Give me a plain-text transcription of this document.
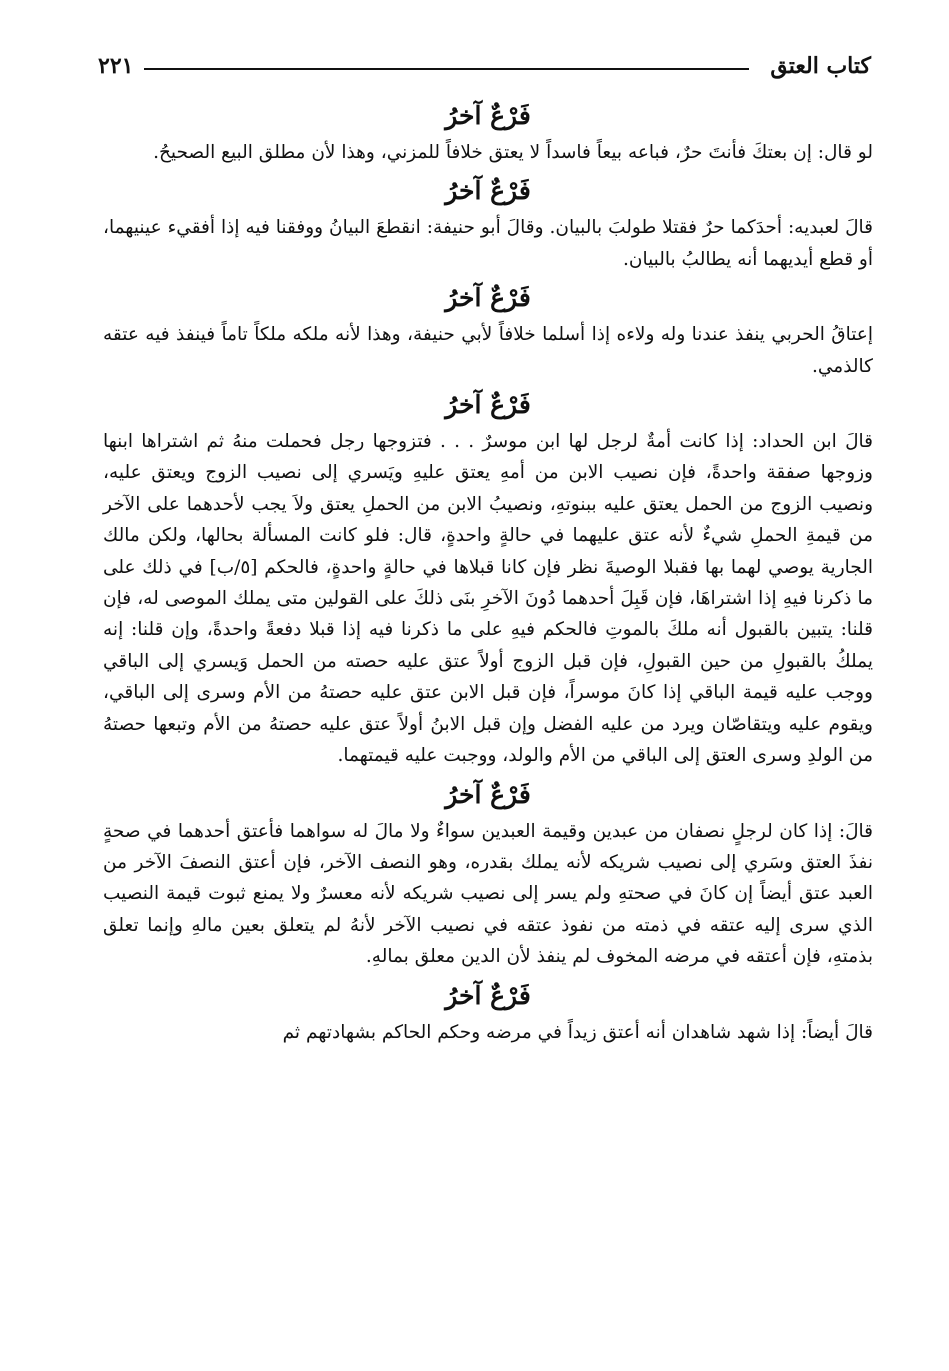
كتاب العتق
٢٢١
فَرْعٌ آخرُ

لو قال: إن بعتكَ فأنتَ حرٌ، فباعه بيعاً فاسداً لا يعتق خلافاً للمزني، وهذا لأن مطلق البيع الصحيحُ.

فَرْعٌ آخرُ

قالَ لعبديه: أحدَكما حرٌ فقتلا طولبَ بالبيان. وقالَ أبو حنيفة: انقطعَ البيانُ ووفقنا فيه إذا أفقيء عينيهما، أو قطع أيديهما أنه يطالبُ بالبيان.

فَرْعٌ آخرُ

إعتاقُ الحربي ينفذ عندنا وله ولاءه إذا أسلما خلافاً لأبي حنيفة، وهذا لأنه ملكه ملكاً تاماً فينفذ فيه عتقه كالذمي.

فَرْعٌ آخرُ

قالَ ابن الحداد: إذا كانت أمةٌ لرجل لها ابن موسرٌ . . . فتزوجها رجل فحملت منهُ ثم اشتراها ابنها وزوجها صفقة واحدةً، فإن نصيب الابن من أمهِ يعتق عليهِ ويَسري إلى نصيب الزوج ويعتق عليه، ونصيب الزوج من الحمل يعتق عليه ببنوتهِ، ونصيبُ الابن من الحملِ يعتق ولاَ يجب لأحدهما على الآخر من قيمةِ الحملِ شيءٌ لأنه عتق عليهما في حالةٍ واحدةٍ، قال: فلو كانت المسألة بحالها، ولكن مالك الجارية يوصي لهما بها فقبلا الوصيةَ نظر فإن كانا قبلاها في حالةٍ واحدةٍ، فالحكم [٥/ب] في ذلك على ما ذكرنا فيهِ إذا اشتراهَا، فإن قَبِلَ أحدهما دُونَ الآخرِ بنَى ذلكَ على القولين متى يملك الموصى له، فإن قلنا: يتبين بالقبول أنه ملكَ بالموتِ فالحكم فيهِ على ما ذكرنا فيه إذا قبلا دفعةً واحدةً، وإن قلنا: إنه يملكُ بالقبولِ من حين القبولِ، فإن قبل الزوج أولاً عتق عليه حصته من الحمل وَيسري إلى الباقي ووجب عليه قيمة الباقي إذا كانَ موسراً، فإن قبل الابن عتق عليه حصتهُ من الأم وسرى إلى الباقي، ويقوم عليه ويتقاصّان ويرد من عليه الفضل وإن قبل الابنُ أولاً عتق عليه حصتهُ من الأم وتبعها حصتهُ من الولدِ وسرى العتق إلى الباقي من الأم والولد، ووجبت عليه قيمتهما.

فَرْعٌ آخرُ

قالَ: إذا كان لرجلٍ نصفان من عبدين وقيمة العبدين سواءٌ ولا مالَ له سواهما فأعتق أحدهما في صحةٍ نفذَ العتق وسَري إلى نصيب شريكه لأنه يملك بقدره، وهو النصف الآخر، فإن أعتق النصفَ الآخر من العبد عتق أيضاً إن كانَ في صحتهِ ولم يسر إلى نصيب شريكه لأنه معسرٌ ولا يمنع ثبوت قيمة النصيب الذي سرى إليه عتقه في ذمته من نفوذ عتقه في نصيب الآخر لأنهُ لم يتعلق بعين مالهِ وإنما تعلق بذمتهِ، فإن أعتقه في مرضه المخوف لم ينفذ لأن الدين معلق بمالهِ.

فَرْعٌ آخرُ

قالَ أيضاً: إذا شهد شاهدان أنه أعتق زيداً في مرضه وحكم الحاكم بشهادتهم ثم
